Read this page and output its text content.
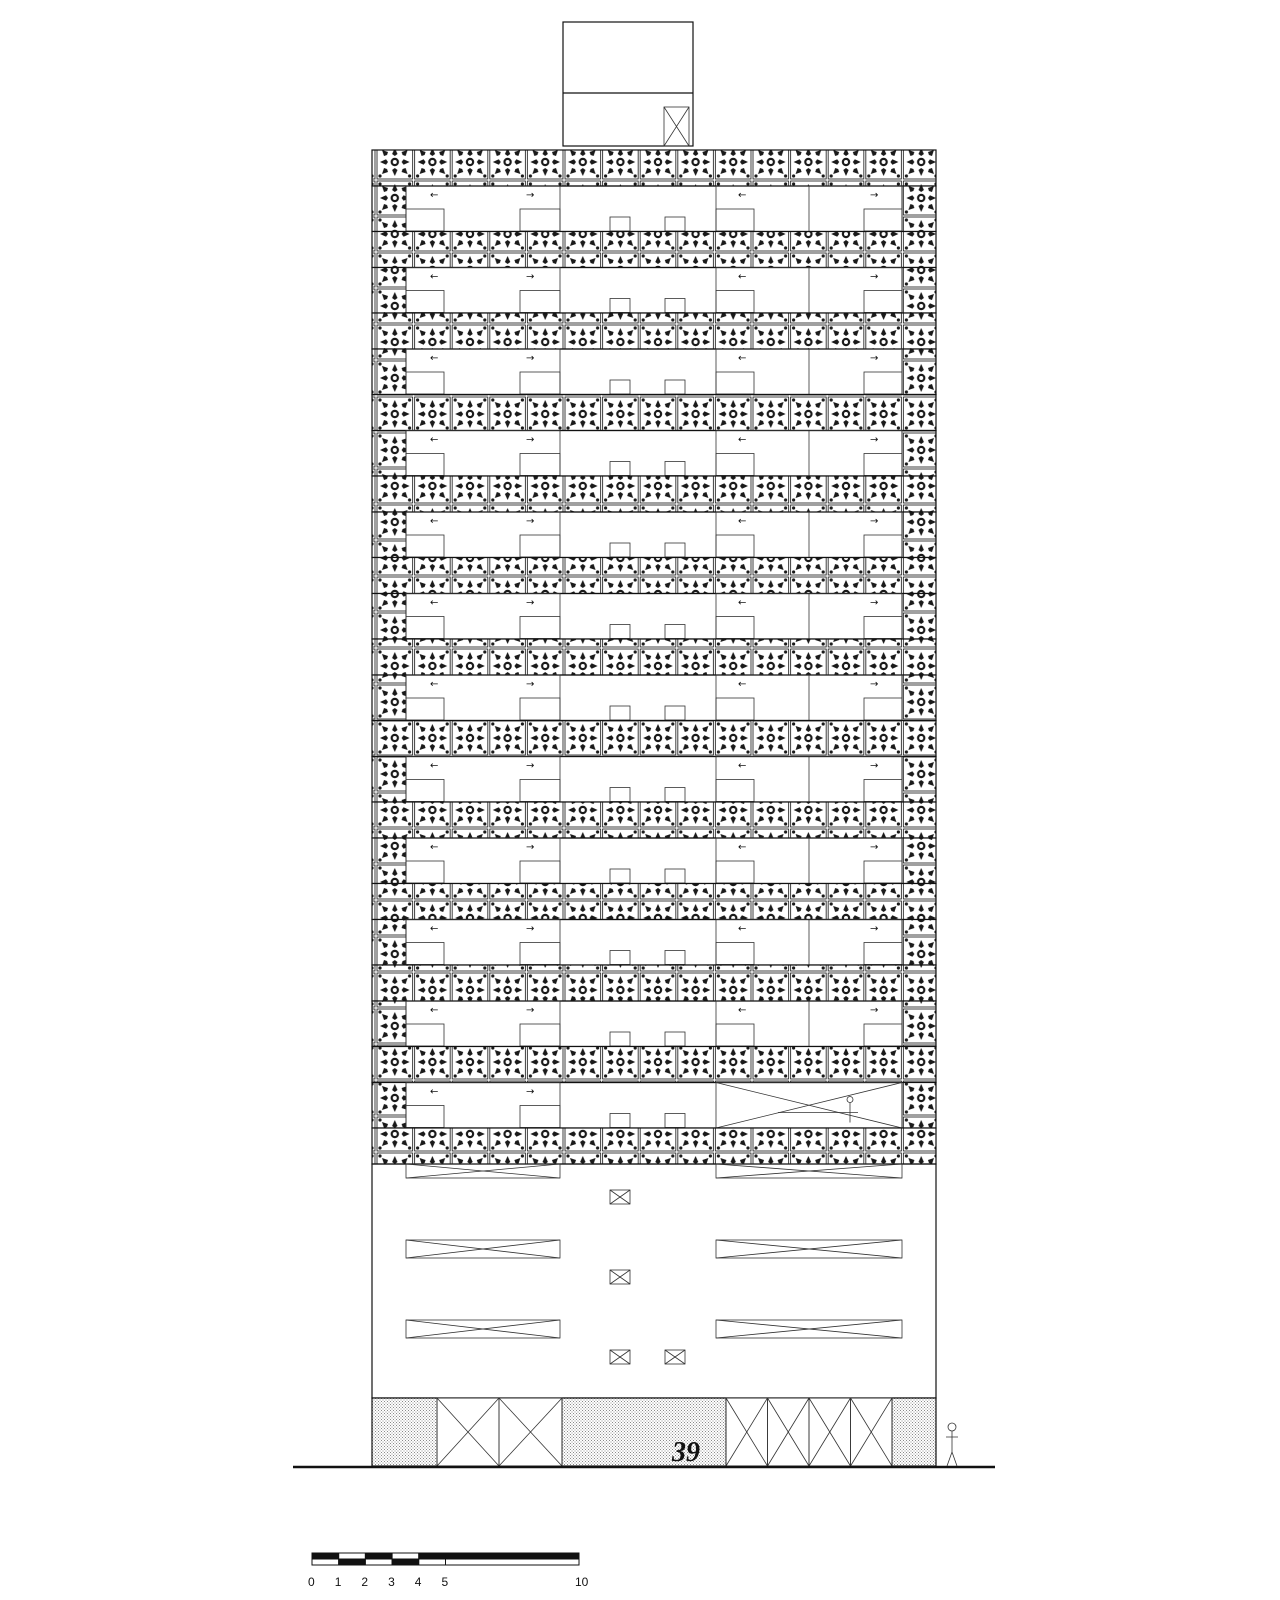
←	→	←	→
←	→	←	→
←	→	←	→
←	→	←	→
←	→	←	→
←	→	←	→
←	→	←	→
←	→	←	→
←	→	←	→
←	→	←	→
←	→	←	→
←	→
39
0 1 2 3 4 5	10
